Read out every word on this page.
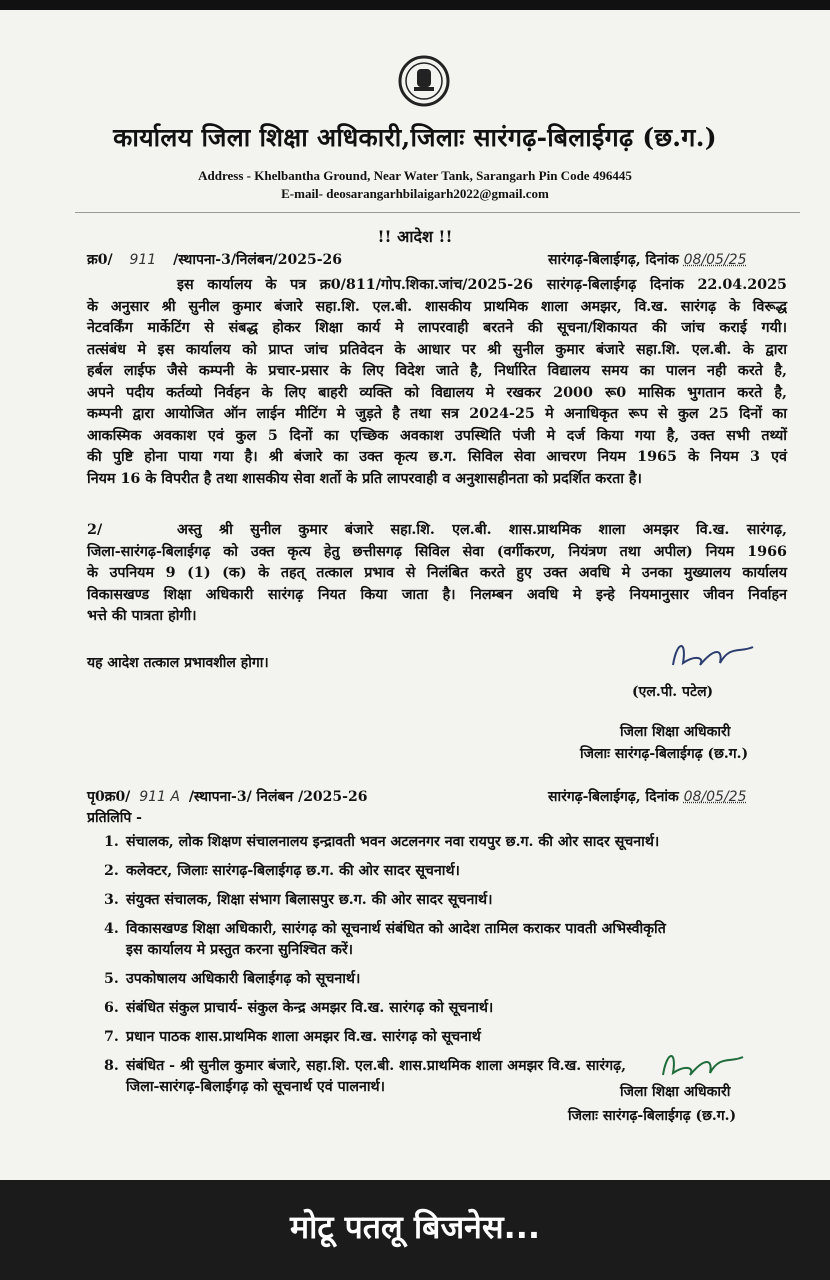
कार्यालय जिला शिक्षा अधिकारी,जिलाः सारंगढ़-बिलाईगढ़ (छ.ग.)
Address - Khelbantha Ground, Near Water Tank, Sarangarh Pin Code 496445
E-mail- deosarangarhbilaigarh2022@gmail.com
!! आदेश !!
क्र0/ 911 /स्थापना-3/निलंबन/2025-26	सारंगढ़-बिलाईगढ़, दिनांक 08/05/25
इस कार्यालय के पत्र क्र0/811/गोप.शिका.जांच/2025-26 सारंगढ़-बिलाईगढ़ दिनांक 22.04.2025
के अनुसार श्री सुनील कुमार बंजारे सहा.शि. एल.बी. शासकीय प्राथमिक शाला अमझर, वि.ख. सारंगढ़ के विरूद्ध
नेटवर्किंग मार्केटिंग से संबद्ध होकर शिक्षा कार्य मे लापरवाही बरतने की सूचना/शिकायत की जांच कराई गयी।
तत्संबंध मे इस कार्यालय को प्राप्त जांच प्रतिवेदन के आधार पर श्री सुनील कुमार बंजारे सहा.शि. एल.बी. के द्वारा
हर्बल लाईफ जैसे कम्पनी के प्रचार-प्रसार के लिए विदेश जाते है, निर्धारित विद्यालय समय का पालन नही करते है,
अपने पदीय कर्तव्यो निर्वहन के लिए बाहरी व्यक्ति को विद्यालय मे रखकर 2000 रू0 मासिक भुगतान करते है,
कम्पनी द्वारा आयोजित ऑन लाईन मीटिंग मे जुड़ते है तथा सत्र 2024-25 मे अनाधिकृत रूप से कुल 25 दिनों का
आकस्मिक अवकाश एवं कुल 5 दिनों का एच्छिक अवकाश उपस्थिति पंजी मे दर्ज किया गया है, उक्त सभी तथ्यों
की पुष्टि होना पाया गया है। श्री बंजारे का उक्त कृत्य छ.ग. सिविल सेवा आचरण नियम 1965 के नियम 3 एवं
नियम 16 के विपरीत है तथा शासकीय सेवा शर्तो के प्रति लापरवाही व अनुशासहीनता को प्रदर्शित करता है।
2/	अस्तु श्री सुनील कुमार बंजारे सहा.शि. एल.बी. शास.प्राथमिक शाला अमझर वि.ख. सारंगढ़,
जिला-सारंगढ़-बिलाईगढ़ को उक्त कृत्य हेतु छत्तीसगढ़ सिविल सेवा (वर्गीकरण, नियंत्रण तथा अपील) नियम 1966
के उपनियम 9 (1) (क) के तहत् तत्काल प्रभाव से निलंबित करते हुए उक्त अवधि मे उनका मुख्यालय कार्यालय
विकासखण्ड शिक्षा अधिकारी सारंगढ़ नियत किया जाता है। निलम्बन अवधि मे इन्हे नियमानुसार जीवन निर्वाहन
भत्ते की पात्रता होगी।
यह आदेश तत्काल प्रभावशील होगा।
(एल.पी. पटेल)
जिला शिक्षा अधिकारी
जिलाः सारंगढ़-बिलाईगढ़ (छ.ग.)
पृ0क्र0/ 911 A /स्थापना-3/ निलंबन /2025-26	सारंगढ़-बिलाईगढ़, दिनांक 08/05/25
प्रतिलिपि -
1. संचालक, लोक शिक्षण संचालनालय इन्द्रावती भवन अटलनगर नवा रायपुर छ.ग. की ओर सादर सूचनार्थ।
2. कलेक्टर, जिलाः सारंगढ़-बिलाईगढ़ छ.ग. की ओर सादर सूचनार्थ।
3. संयुक्त संचालक, शिक्षा संभाग बिलासपुर छ.ग. की ओर सादर सूचनार्थ।
4. विकासखण्ड शिक्षा अधिकारी, सारंगढ़ को सूचनार्थ संबंधित को आदेश तामिल कराकर पावती अभिस्वीकृति
इस कार्यालय मे प्रस्तुत करना सुनिश्चित करें।
5. उपकोषालय अधिकारी बिलाईगढ़ को सूचनार्थ।
6. संबंधित संकुल प्राचार्य- संकुल केन्द्र अमझर वि.ख. सारंगढ़ को सूचनार्थ।
7. प्रधान पाठक शास.प्राथमिक शाला अमझर वि.ख. सारंगढ़ को सूचनार्थ
8. संबंधित - श्री सुनील कुमार बंजारे, सहा.शि. एल.बी. शास.प्राथमिक शाला अमझर वि.ख. सारंगढ़,
जिला-सारंगढ़-बिलाईगढ़ को सूचनार्थ एवं पालनार्थ।	जिला शिक्षा अधिकारी
जिलाः सारंगढ़-बिलाईगढ़ (छ.ग.)
मोटू पतलू बिजनेस...
